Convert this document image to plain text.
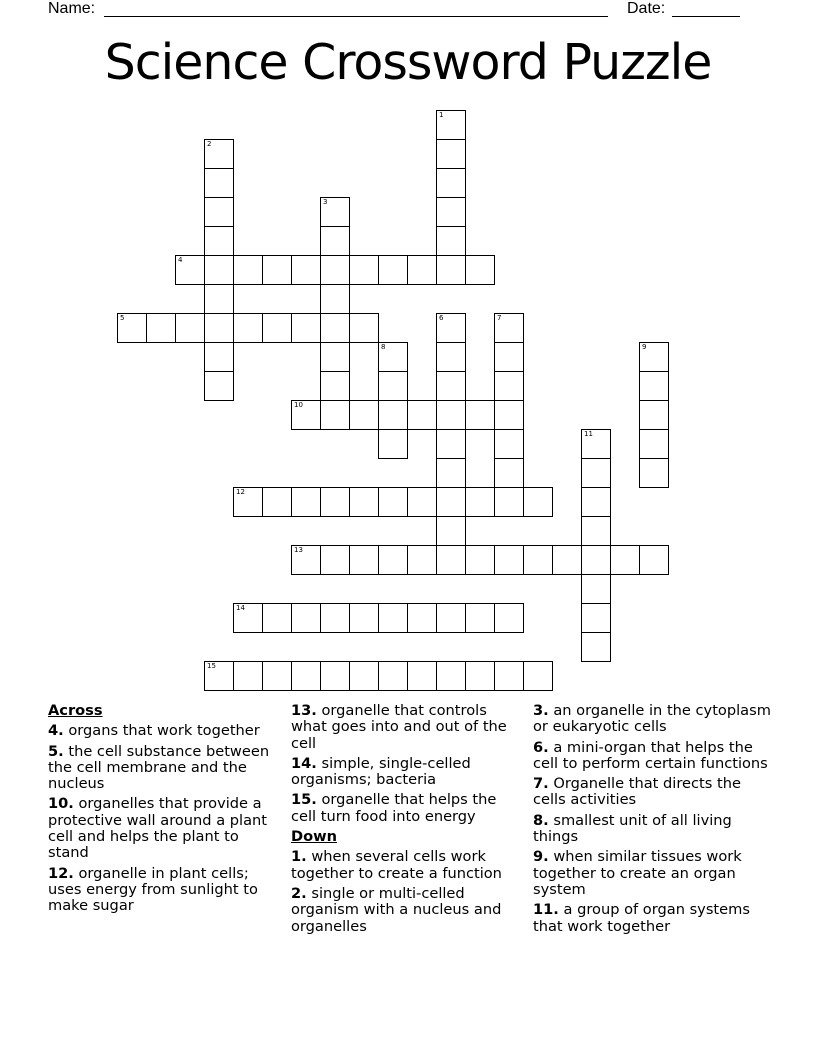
Name:	Date:
Science Crossword Puzzle
1
2
3
4
5	6	7
8	9
10
11
12
13
14
15
Across
4. organs that work together
5. the cell substance between the cell membrane and the nucleus
10. organelles that provide a protective wall around a plant cell and helps the plant to stand
12. organelle in plant cells; uses energy from sunlight to make sugar
13. organelle that controls what goes into and out of the cell
14. simple, single-celled organisms; bacteria
15. organelle that helps the cell turn food into energy
Down
1. when several cells work together to create a function
2. single or multi-celled organism with a nucleus and organelles
3. an organelle in the cytoplasm or eukaryotic cells
6. a mini-organ that helps the cell to perform certain functions
7. Organelle that directs the cells activities
8. smallest unit of all living things
9. when similar tissues work together to create an organ system
11. a group of organ systems that work together
